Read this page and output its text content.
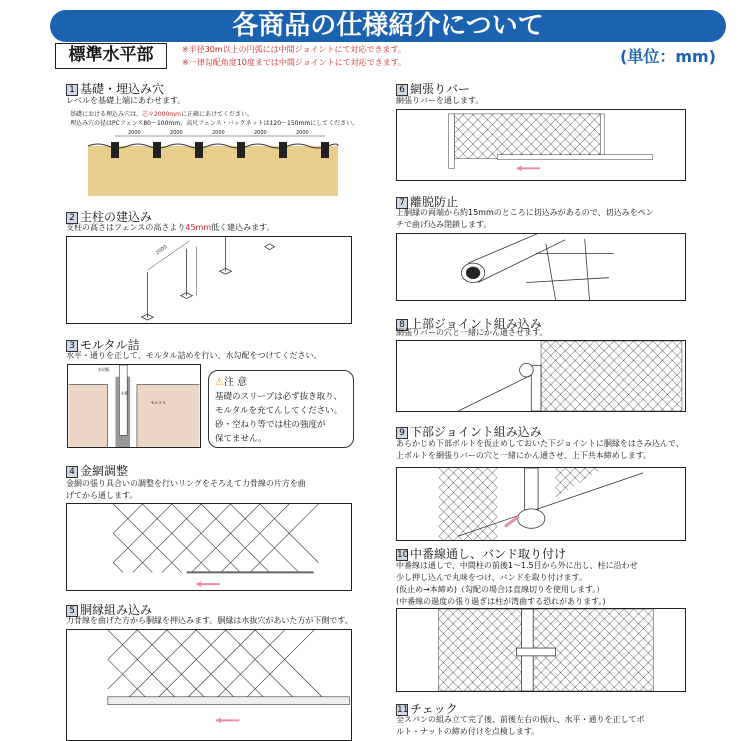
各商品の仕様紹介について
標準水平部	※半径30m以上の円弧には中間ジョイントにて対応できます。
※一律勾配角度10度までは中間ジョイントにて対応できます。	(単位：mm)
1 基礎・埋込み穴
レベルを基礎上端にあわせます。
基礎における埋込み穴は、芯々2000mmに正確にあけてください。
埋込み穴の径はPCフェンス80～100mm、高尺フェンス・バックネットは120～150mmにしてください。
2000	2000	2000	2000	2000
2 主柱の建込み
支柱の高さはフェンスの高さより45mm低く建込みます。
2000
3 モルタル詰
水平・通りを正して、モルタル詰めを行い、水勾配をつけてください。
水切板
主柱
モルタル
⚠注 意
基礎のスリーブは必ず抜き取り、
モルタルを充てんしてください。
砂・空ねり等では柱の強度が
保てません。
4 金網調整
金網の張り具合いの調整を行いリングをそろえて力骨線の片方を曲
げてから通します。
5 胴縁組み込み
力骨線を曲げた方から胴縁を押込みます。胴縁は水抜穴があいた方が下側です。
6 網張りバー
網張りバーを通します。
7 離脱防止
上胴縁の両端から約15mmのところに切込みがあるので、切込みをペン
チで曲げ込み閉鎖します。
8 上部ジョイント組み込み
網張りバーの穴と一緒にかん通させます。
9 下部ジョイント組み込み
あらかじめ下部ボルトを仮止めしておいた下ジョイントに胴縁をはさみ込んで、
上ボルトを網張りバーの穴と一緒にかん通させ、上下共本締めします。
10 中番線通し、バンド取り付け
中番線は通しで、中間柱の前後1～1.5目から外に出し、柱に沿わせ
少し押し込んで丸味をつけ、バンドを取り付けます。
(仮止め→本締め)（勾配の場合は直線切りを使用します。）
(中番線の過度の張り過ぎは柱が湾曲する恐れがあります。)
11 チェック
全スパンの組み立て完了後、前後左右の振れ、水平・通りを正してボ
ルト・ナットの締め付けを点検します。
